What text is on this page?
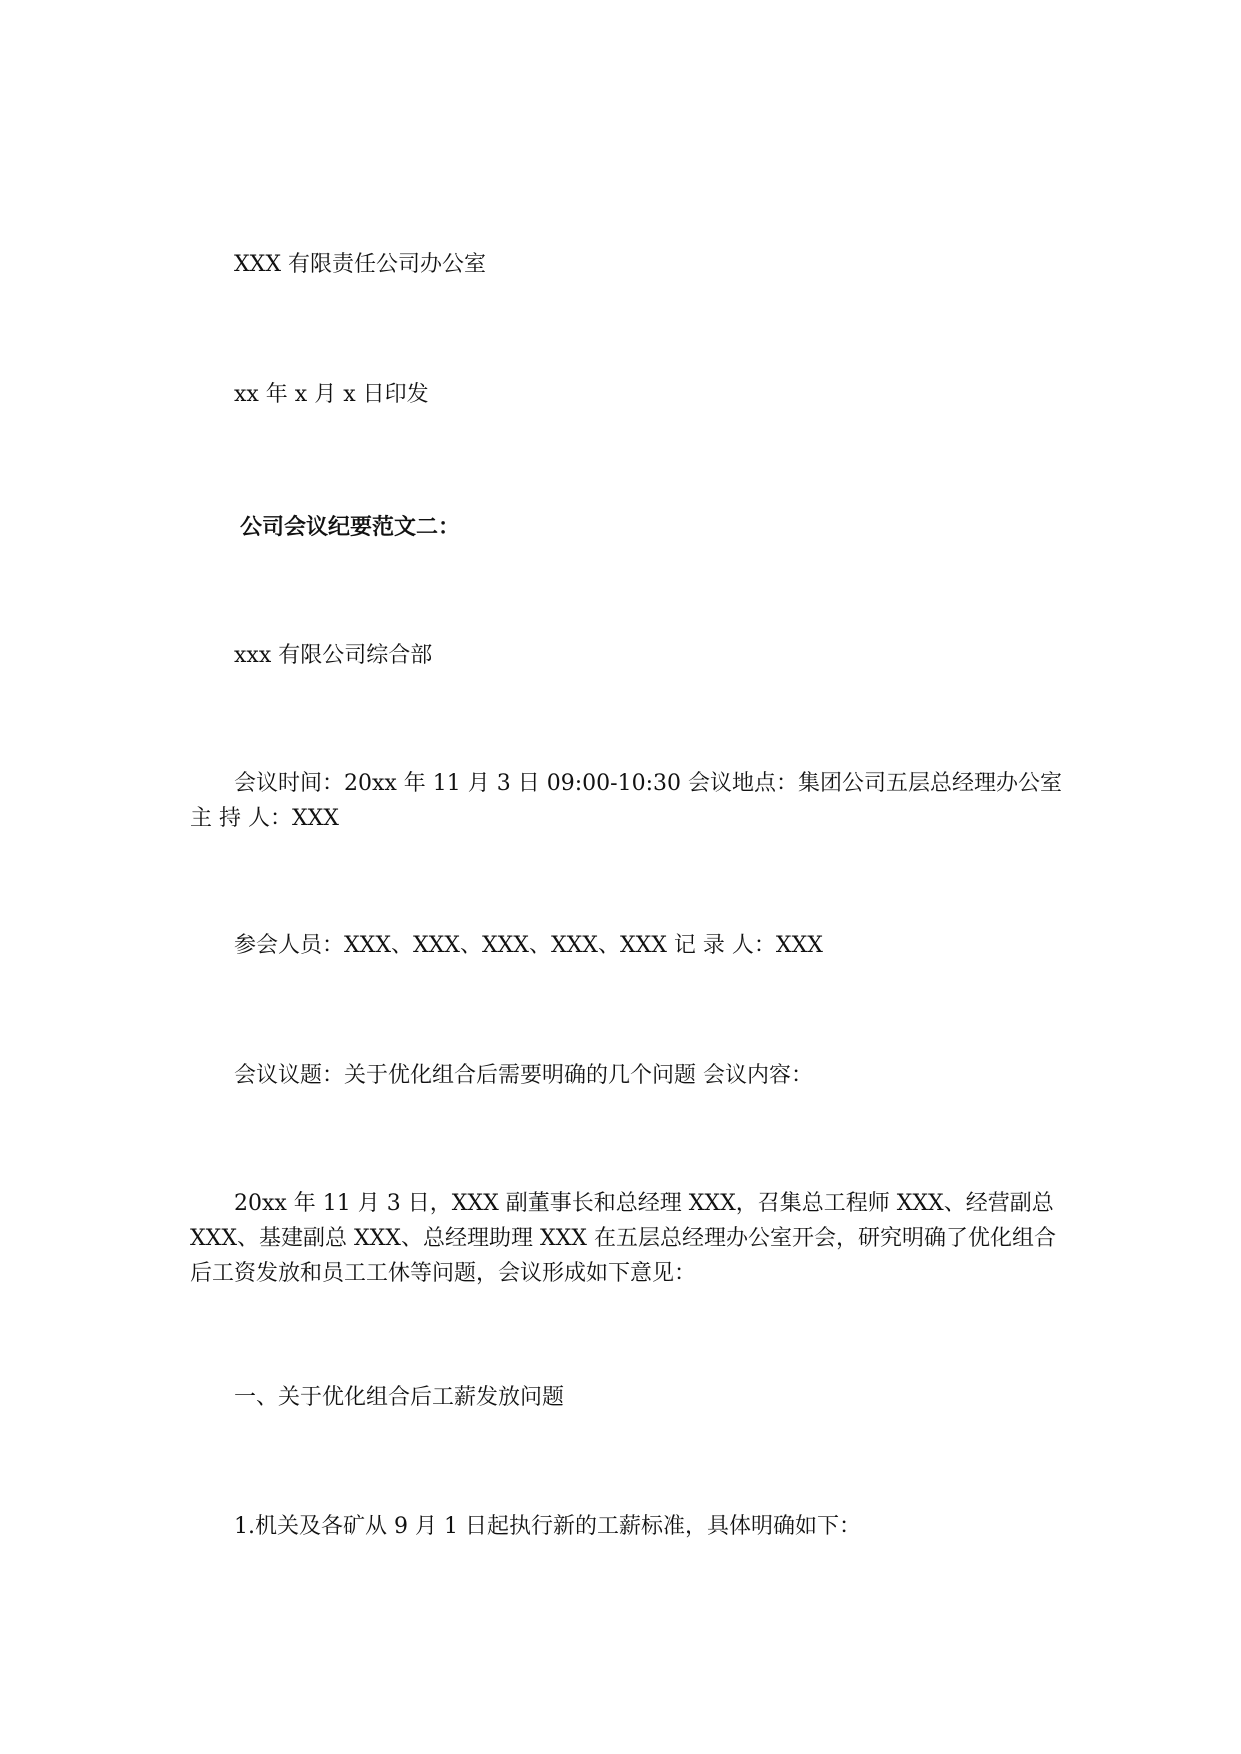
XXX 有限责任公司办公室
xx 年 x 月 x 日印发
公司会议纪要范文二：
xxx 有限公司综合部
会议时间：20xx 年 11 月 3 日 09:00-10:30 会议地点：集团公司五层总经理办公室主 持 人：XXX
参会人员：XXX、XXX、XXX、XXX、XXX 记 录 人：XXX
会议议题：关于优化组合后需要明确的几个问题 会议内容：
20xx 年 11 月 3 日，XXX 副董事长和总经理 XXX，召集总工程师 XXX、经营副总 XXX、基建副总 XXX、总经理助理 XXX 在五层总经理办公室开会，研究明确了优化组合后工资发放和员工工休等问题，会议形成如下意见：
一、关于优化组合后工薪发放问题
1.机关及各矿从 9 月 1 日起执行新的工薪标准，具体明确如下：
